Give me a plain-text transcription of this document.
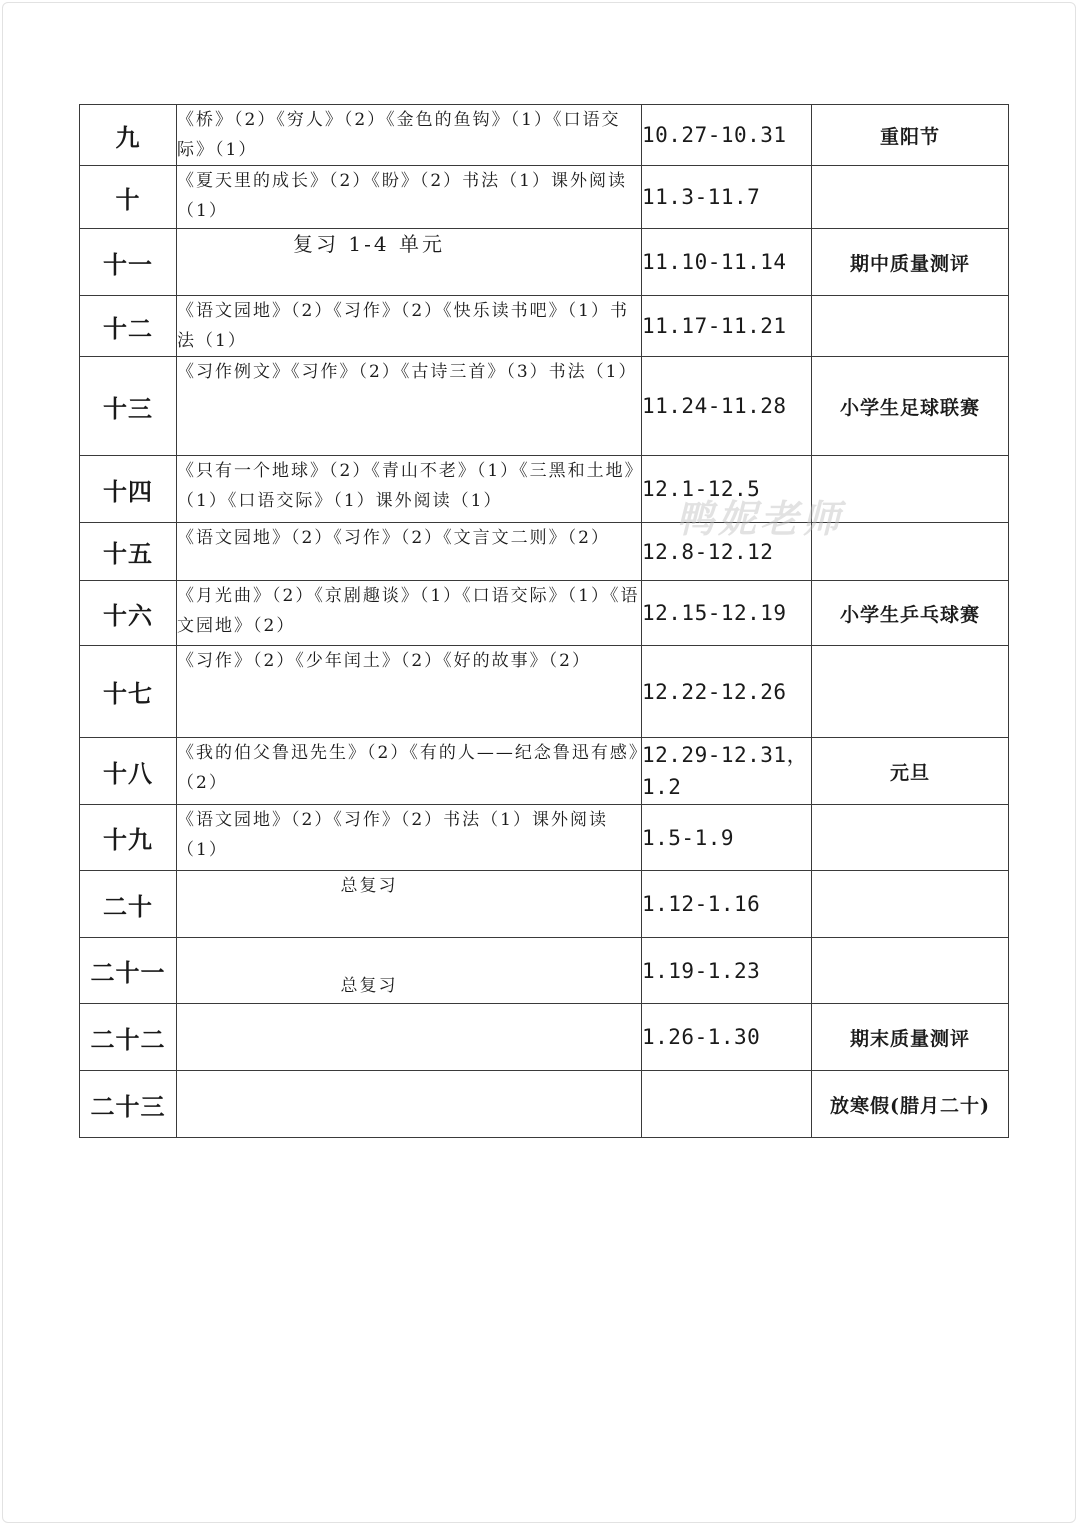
九	《桥》（2）《穷人》（2）《金色的鱼钩》（1）《口语交际》（1）	10.27-10.31	重阳节
十	《夏天里的成长》（2）《盼》（2）书法（1）课外阅读（1）	11.3-11.7	
十一	复习 1-4 单元	11.10-11.14	期中质量测评
十二	《语文园地》（2）《习作》（2）《快乐读书吧》（1）书法（1）	11.17-11.21	
十三	《习作例文》《习作》（2）《古诗三首》（3）书法（1）	11.24-11.28	小学生足球联赛
十四	《只有一个地球》（2）《青山不老》（1）《三黑和土地》（1）《口语交际》（1）课外阅读（1）	12.1-12.5	
十五	《语文园地》（2）《习作》（2）《文言文二则》（2）	12.8-12.12	
十六	《月光曲》（2）《京剧趣谈》（1）《口语交际》（1）《语文园地》（2）	12.15-12.19	小学生乒乓球赛
十七	《习作》（2）《少年闰土》（2）《好的故事》（2）	12.22-12.26	
十八	《我的伯父鲁迅先生》（2）《有的人——纪念鲁迅有感》（2）	12.29-12.31，1.2	元旦
十九	《语文园地》（2）《习作》（2）书法（1）课外阅读（1）	1.5-1.9	
二十	总复习	1.12-1.16	
二十一	总复习	1.19-1.23	
二十二		1.26-1.30	期末质量测评
二十三			放寒假(腊月二十)
鸭妮老师
